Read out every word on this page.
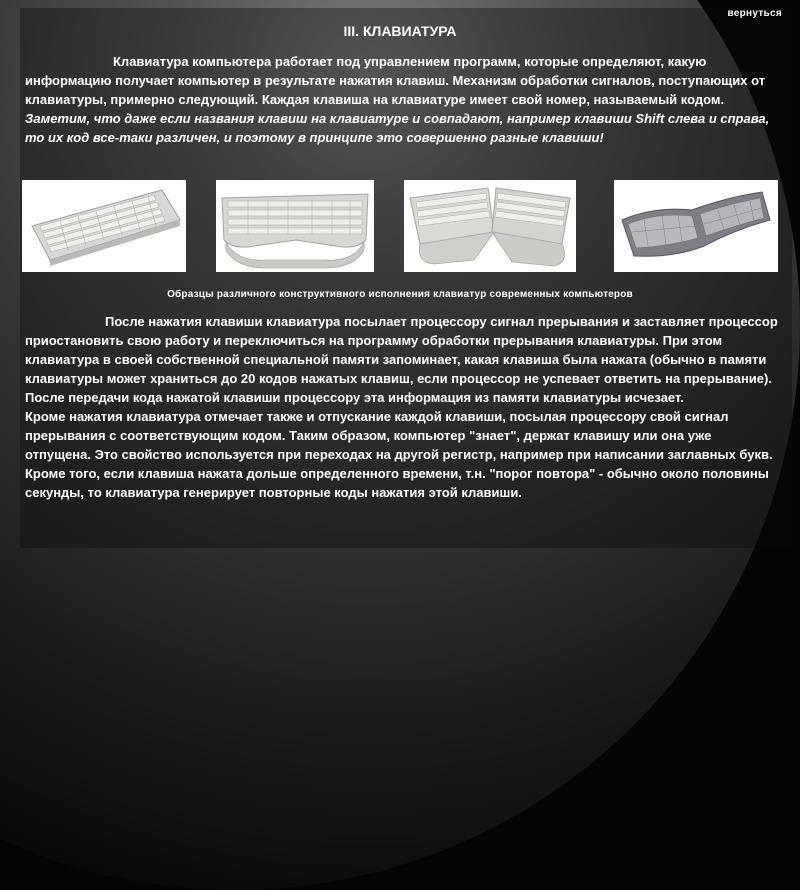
вернуться
III. КЛАВИАТУРА

Клавиатура компьютера работает под управлением программ, которые определяют, какую информацию получает компьютер в результате нажатия клавиш. Механизм обработки сигналов, поступающих от клавиатуры, примерно следующий. Каждая клавиша на клавиатуре имеет свой номер, называемый кодом. Заметим, что даже если названия клавиш на клавиатуре и совпадают, например клавиши Shift слева и справа, то их код все-таки различен, и поэтому в принципе это совершенно разные клавиши!

Образцы различного конструктивного исполнения клавиатур современных компьютеров

После нажатия клавиши клавиатура посылает процессору сигнал прерывания и заставляет процессор приостановить свою работу и переключиться на программу обработки прерывания клавиатуры. При этом клавиатура в своей собственной специальной памяти запоминает, какая клавиша была нажата (обычно в памяти клавиатуры может храниться до 20 кодов нажатых клавиш, если процессор не успевает ответить на прерывание). После передачи кода нажатой клавиши процессору эта информация из памяти клавиатуры исчезает.
Кроме нажатия клавиатура отмечает также и отпускание каждой клавиши, посылая процессору свой сигнал прерывания с соответствующим кодом. Таким образом, компьютер "знает", держат клавишу или она уже отпущена. Это свойство используется при переходах на другой регистр, например при написании заглавных букв. Кроме того, если клавиша нажата дольше определенного времени, т.н. "порог повтора" - обычно около половины секунды, то клавиатура генерирует повторные коды нажатия этой клавиши.
